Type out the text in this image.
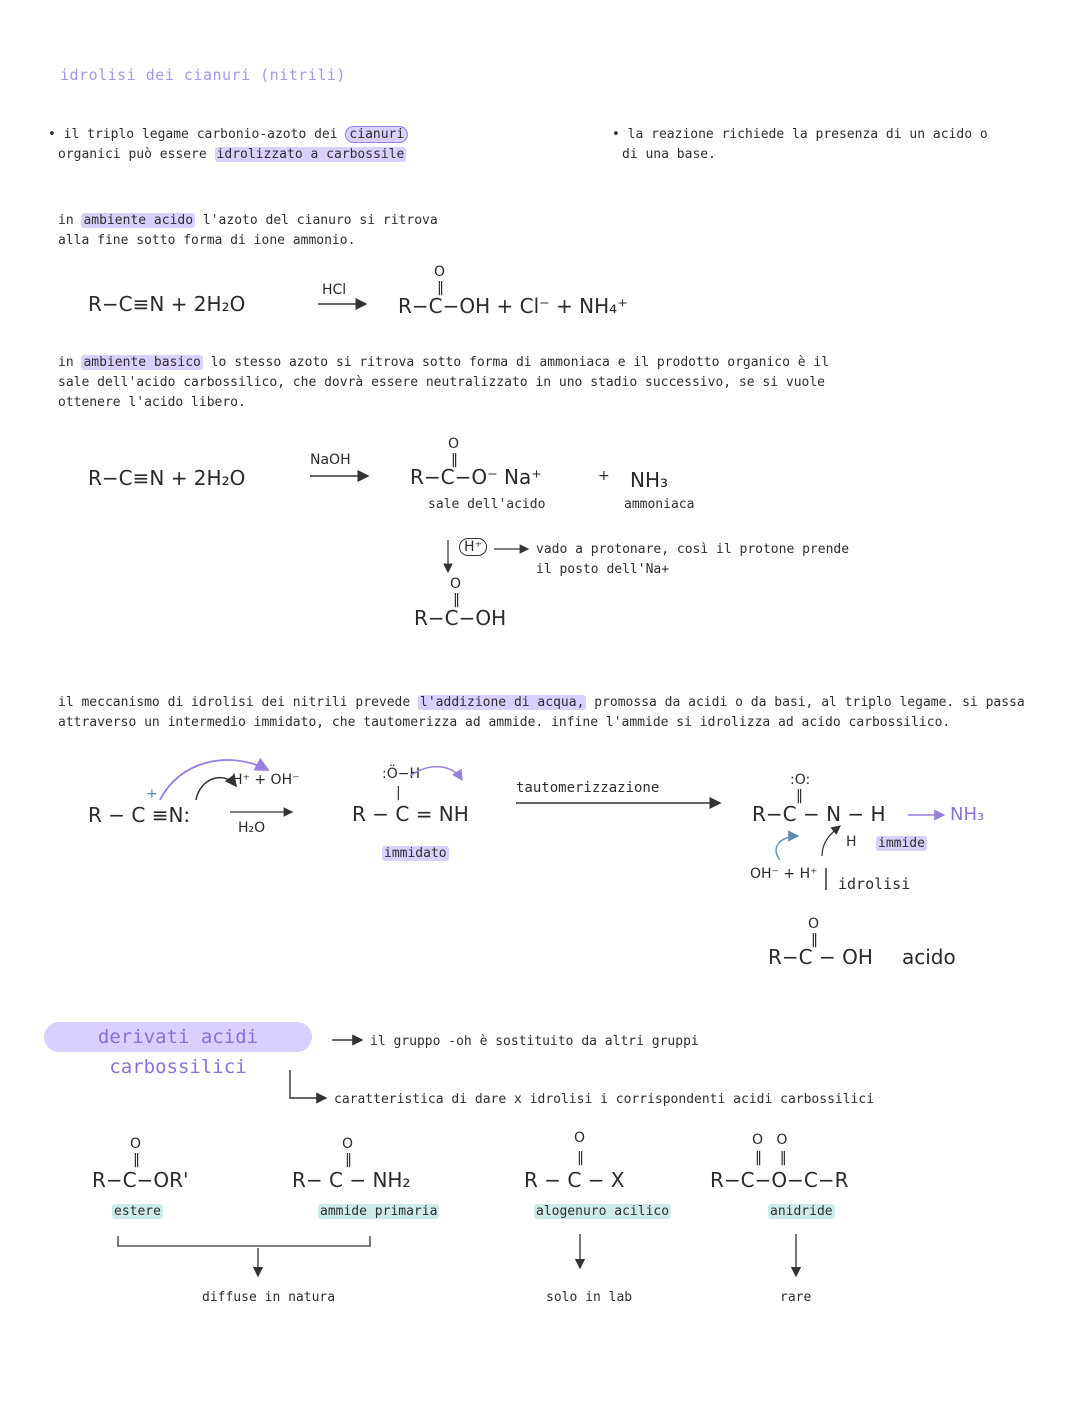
idrolisi dei cianuri (nitrili)
• il triplo legame carbonio-azoto dei cianuri
organici può essere idrolizzato a carbossile
• la reazione richiede la presenza di un acido o
di una base.
in ambiente acido l'azoto del cianuro si ritrova
alla fine sotto forma di ione ammonio.
R−C≡N + 2H₂O
HCl
O
‖
R−C−OH + Cl⁻ + NH₄⁺
in ambiente basico lo stesso azoto si ritrova sotto forma di ammoniaca e il prodotto organico è il
sale dell'acido carbossilico, che dovrà essere neutralizzato in uno stadio successivo, se si vuole
ottenere l'acido libero.
R−C≡N + 2H₂O
NaOH
O
‖
R−C−O⁻ Na⁺	+ NH₃
sale dell'acido	ammoniaca
H⁺	vado a protonare, così il protone prende
il posto dell'Na+
O
‖
R−C−OH
il meccanismo di idrolisi dei nitrili prevede l'addizione di acqua, promossa da acidi o da basi, al triplo legame. si passa
attraverso un intermedio immidato, che tautomerizza ad ammide. infine l'ammide si idrolizza ad acido carbossilico.
+
R − C ≡N:
H⁺ + OH⁻
H₂O
:Ö−H
|
R − C = NH
immidato
tautomerizzazione	:O:
‖
R−C − N − H
H immide
NH₃
OH⁻ + H⁺
idrolisi
O
‖
R−C − OH acido
derivati acidi carbossilici
il gruppo -oh è sostituito da altri gruppi
caratteristica di dare x idrolisi i corrispondenti acidi carbossilici
O
‖
R−C−OR'
estere
O
‖
R− C − NH₂
ammide primaria
O
‖
R − C − X
alogenuro acilico
O   O
‖    ‖
R−C−O−C−R
anidride
diffuse in natura	solo in lab	rare
